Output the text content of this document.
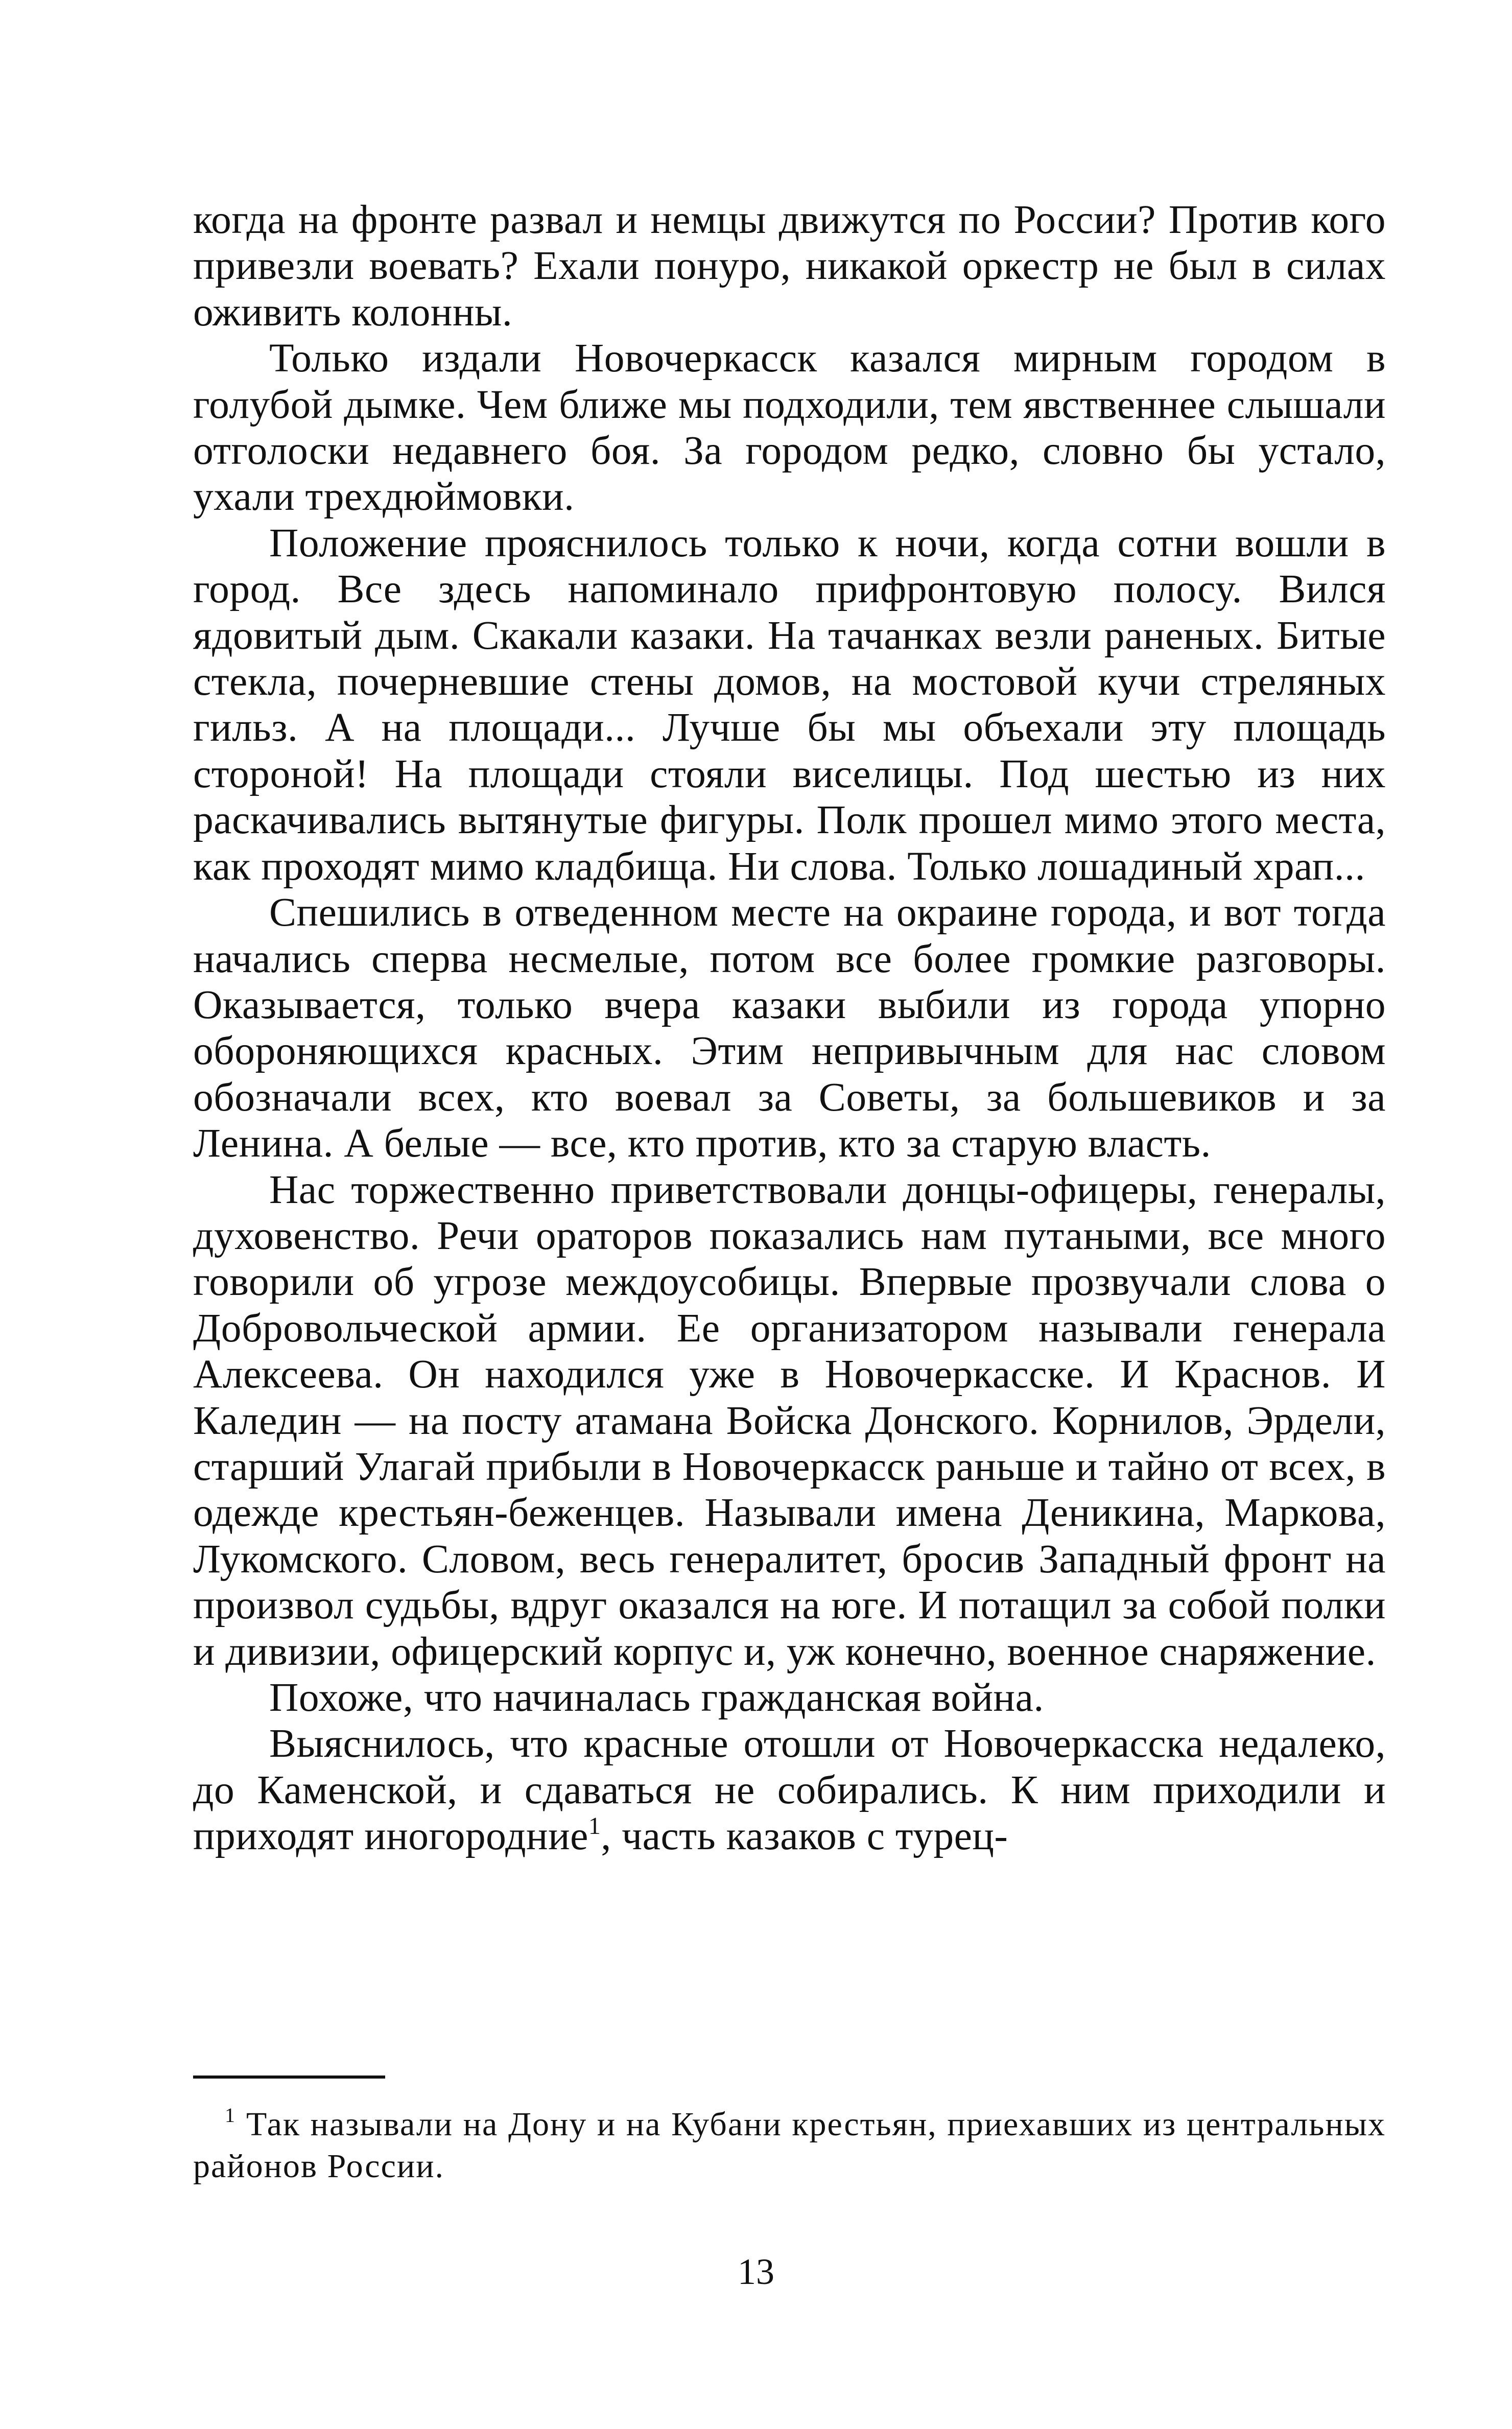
когда на фронте развал и немцы движутся по России? Против кого привезли воевать? Ехали понуро, никакой оркестр не был в силах оживить колонны.

Только издали Новочеркасск казался мирным городом в голубой дымке. Чем ближе мы подходили, тем явственнее слышали отголоски недавнего боя. За городом редко, словно бы устало, ухали трехдюймовки.

Положение прояснилось только к ночи, когда сотни вошли в город. Все здесь напоминало прифронтовую полосу. Вился ядовитый дым. Скакали казаки. На тачанках везли раненых. Битые стекла, почерневшие стены домов, на мостовой кучи стреляных гильз. А на площади... Лучше бы мы объехали эту площадь стороной! На площади стояли виселицы. Под шестью из них раскачивались вытянутые фигуры. Полк прошел мимо этого места, как проходят мимо кладбища. Ни слова. Только лошадиный храп...

Спешились в отведенном месте на окраине города, и вот тогда начались сперва несмелые, потом все более громкие разговоры. Оказывается, только вчера казаки выбили из города упорно обороняющихся красных. Этим непривычным для нас словом обозначали всех, кто воевал за Советы, за большевиков и за Ленина. А белые — все, кто против, кто за старую власть.

Нас торжественно приветствовали донцы-офицеры, генералы, духовенство. Речи ораторов показались нам путаными, все много говорили об угрозе междоусобицы. Впервые прозвучали слова о Добровольческой армии. Ее организатором называли генерала Алексеева. Он находился уже в Новочеркасске. И Краснов. И Каледин — на посту атамана Войска Донского. Корнилов, Эрдели, старший Улагай прибыли в Новочеркасск раньше и тайно от всех, в одежде крестьян-беженцев. Называли имена Деникина, Маркова, Лукомского. Словом, весь генералитет, бросив Западный фронт на произвол судьбы, вдруг оказался на юге. И потащил за собой полки и дивизии, офицерский корпус и, уж конечно, военное снаряжение.

Похоже, что начиналась гражданская война.

Выяснилось, что красные отошли от Новочеркасска недалеко, до Каменской, и сдаваться не собирались. К ним приходили и приходят иногородние$^1$, часть казаков с турец-

$^1$ Так называли на Дону и на Кубани крестьян, приехавших из центральных районов России.

13
